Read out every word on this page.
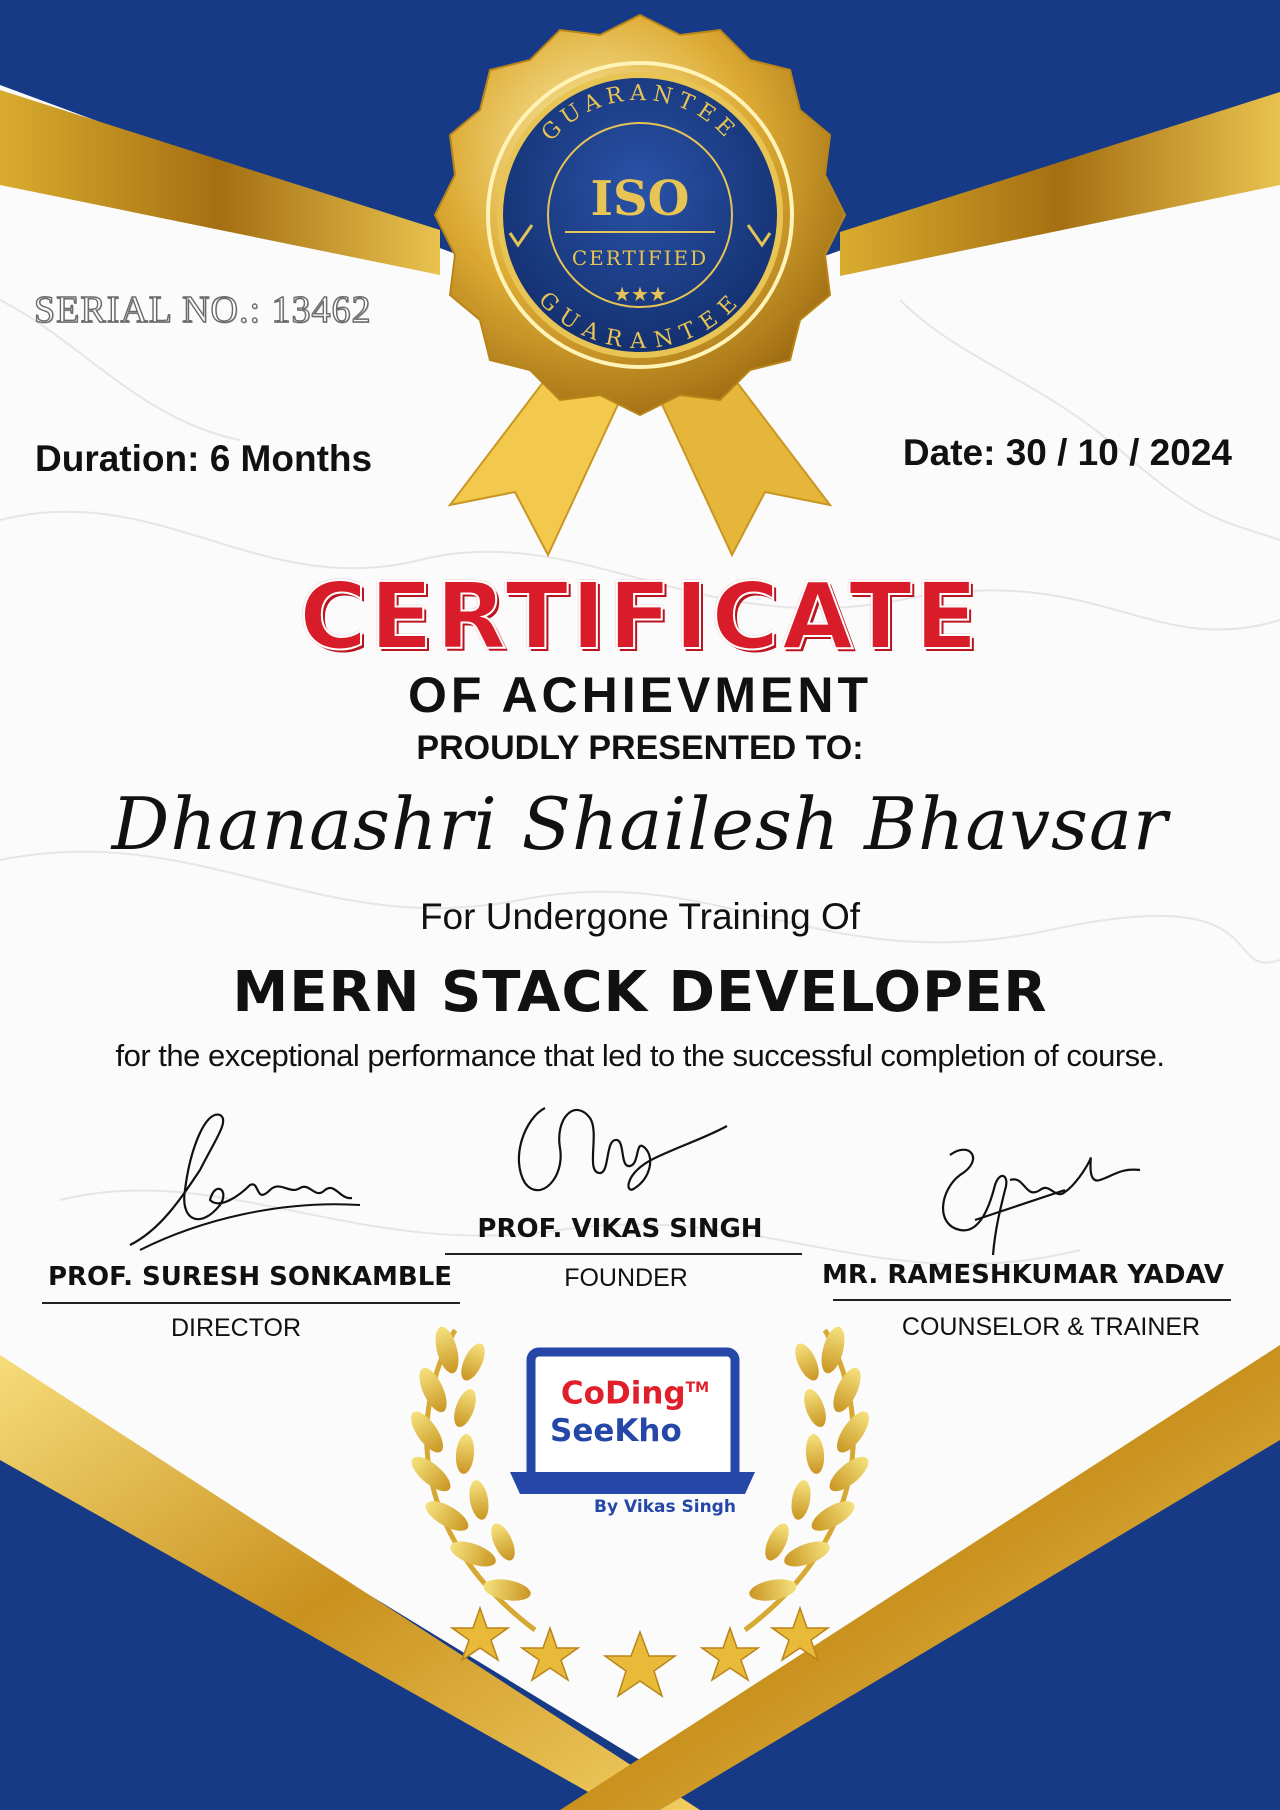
GUARANTEE
GUARANTEE
ISO
CERTIFIED
★★★

SERIAL NO.: 13462

Duration: 6 Months	Date: 30 / 10 / 2024

CERTIFICATE

OF ACHIEVMENT

PROUDLY PRESENTED TO:

Dhanashri Shailesh Bhavsar

For Undergone Training Of

MERN STACK DEVELOPER

for the exceptional performance that led to the successful completion of course.

PROF. SURESH SONKAMBLE
DIRECTOR
PROF. VIKAS SINGH
FOUNDER	MR. RAMESHKUMAR YADAV
COUNSELOR & TRAINER
CoDing™
SeeKho
By Vikas Singh
